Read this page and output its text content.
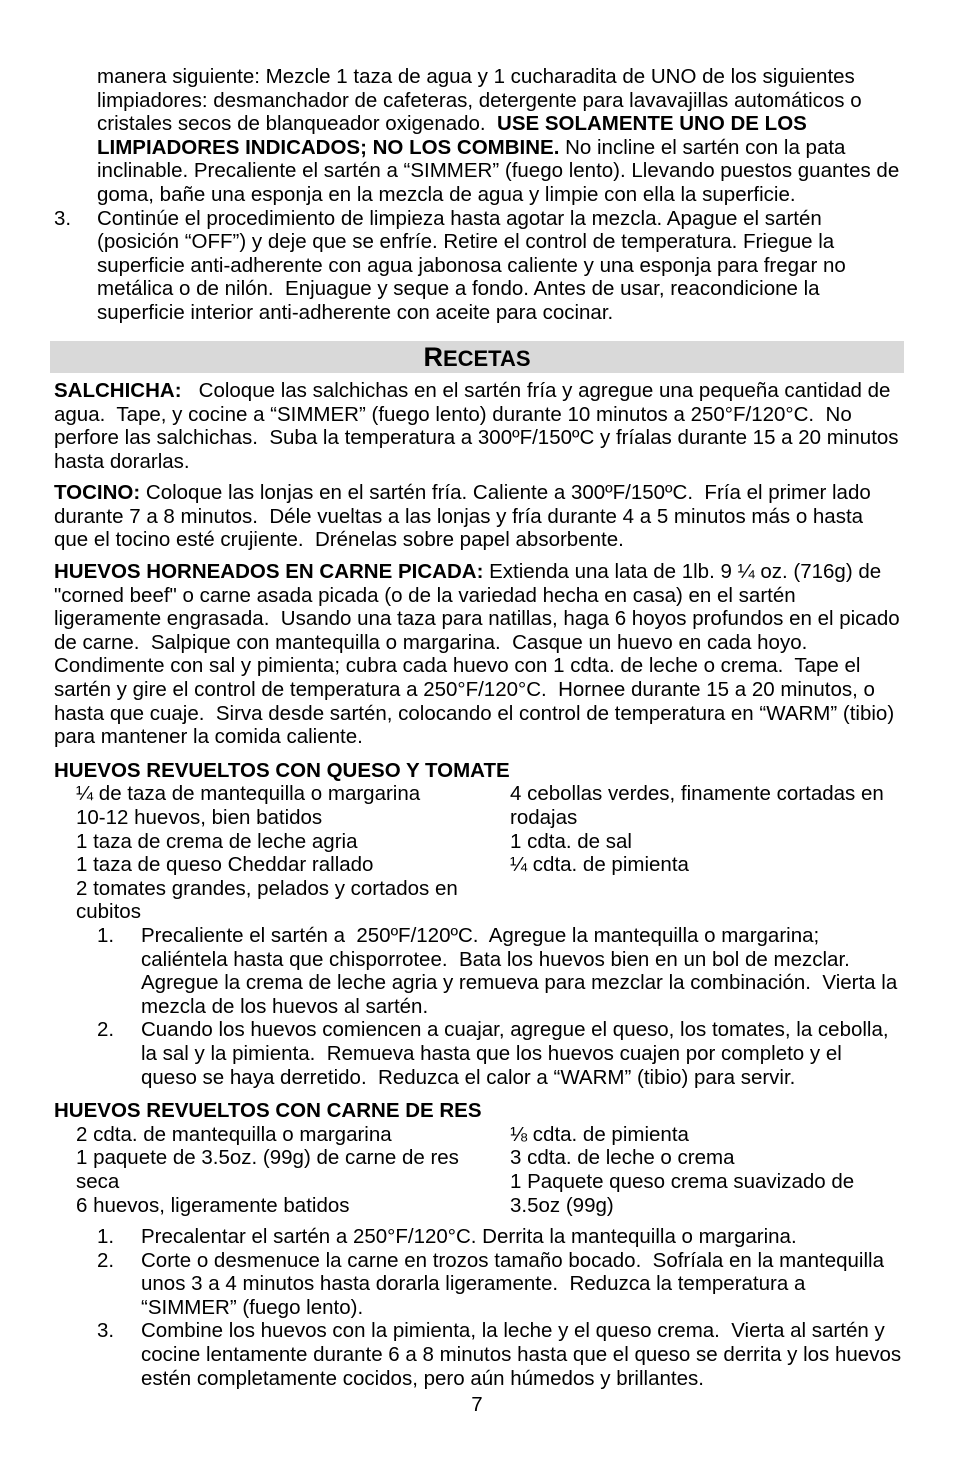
manera siguiente: Mezcle 1 taza de agua y 1 cucharadita de UNO de los siguientes
limpiadores: desmanchador de cafeteras, detergente para lavavajillas automáticos o
cristales secos de blanqueador oxigenado.  USE SOLAMENTE UNO DE LOS
LIMPIADORES INDICADOS; NO LOS COMBINE. No incline el sartén con la pata
inclinable. Precaliente el sartén a “SIMMER” (fuego lento). Llevando puestos guantes de
goma, bañe una esponja en la mezcla de agua y limpie con ella la superficie.
3. Continúe el procedimiento de limpieza hasta agotar la mezcla. Apague el sartén
(posición “OFF”) y deje que se enfríe. Retire el control de temperatura. Friegue la
superficie anti-adherente con agua jabonosa caliente y una esponja para fregar no
metálica o de nilón.  Enjuague y seque a fondo. Antes de usar, reacondicione la
superficie interior anti-adherente con aceite para cocinar.
RECETAS
SALCHICHA:   Coloque las salchichas en el sartén fría y agregue una pequeña cantidad de
agua.  Tape, y cocine a “SIMMER” (fuego lento) durante 10 minutos a 250°F/120°C.  No
perfore las salchichas.  Suba la temperatura a 300ºF/150ºC y fríalas durante 15 a 20 minutos
hasta dorarlas.
TOCINO: Coloque las lonjas en el sartén fría. Caliente a 300ºF/150ºC.  Fría el primer lado
durante 7 a 8 minutos.  Déle vueltas a las lonjas y fría durante 4 a 5 minutos más o hasta
que el tocino esté crujiente.  Drénelas sobre papel absorbente.
HUEVOS HORNEADOS EN CARNE PICADA: Extienda una lata de 1lb. 9 ¼ oz. (716g) de
"corned beef" o carne asada picada (o de la variedad hecha en casa) en el sartén
ligeramente engrasada.  Usando una taza para natillas, haga 6 hoyos profundos en el picado
de carne.  Salpique con mantequilla o margarina.  Casque un huevo en cada hoyo.
Condimente con sal y pimienta; cubra cada huevo con 1 cdta. de leche o crema.  Tape el
sartén y gire el control de temperatura a 250°F/120°C.  Hornee durante 15 a 20 minutos, o
hasta que cuaje.  Sirva desde sartén, colocando el control de temperatura en “WARM” (tibio)
para mantener la comida caliente.
HUEVOS REVUELTOS CON QUESO Y TOMATE
¼ de taza de mantequilla o margarina
10-12 huevos, bien batidos
1 taza de crema de leche agria
1 taza de queso Cheddar rallado
2 tomates grandes, pelados y cortados en
cubitos
4 cebollas verdes, finamente cortadas en
rodajas
1 cdta. de sal
¼ cdta. de pimienta
1. Precaliente el sartén a  250ºF/120ºC.  Agregue la mantequilla o margarina;
caliéntela hasta que chisporrotee.  Bata los huevos bien en un bol de mezclar.
Agregue la crema de leche agria y remueva para mezclar la combinación.  Vierta la
mezcla de los huevos al sartén.
2. Cuando los huevos comiencen a cuajar, agregue el queso, los tomates, la cebolla,
la sal y la pimienta.  Remueva hasta que los huevos cuajen por completo y el
queso se haya derretido.  Reduzca el calor a “WARM” (tibio) para servir.
HUEVOS REVUELTOS CON CARNE DE RES
2 cdta. de mantequilla o margarina
1 paquete de 3.5oz. (99g) de carne de res
seca
6 huevos, ligeramente batidos
⅛ cdta. de pimienta
3 cdta. de leche o crema
1 Paquete queso crema suavizado de
3.5oz (99g)
1. Precalentar el sartén a 250°F/120°C. Derrita la mantequilla o margarina.
2. Corte o desmenuce la carne en trozos tamaño bocado.  Sofríala en la mantequilla
unos 3 a 4 minutos hasta dorarla ligeramente.  Reduzca la temperatura a
“SIMMER” (fuego lento).
3. Combine los huevos con la pimienta, la leche y el queso crema.  Vierta al sartén y
cocine lentamente durante 6 a 8 minutos hasta que el queso se derrita y los huevos
estén completamente cocidos, pero aún húmedos y brillantes.
7
